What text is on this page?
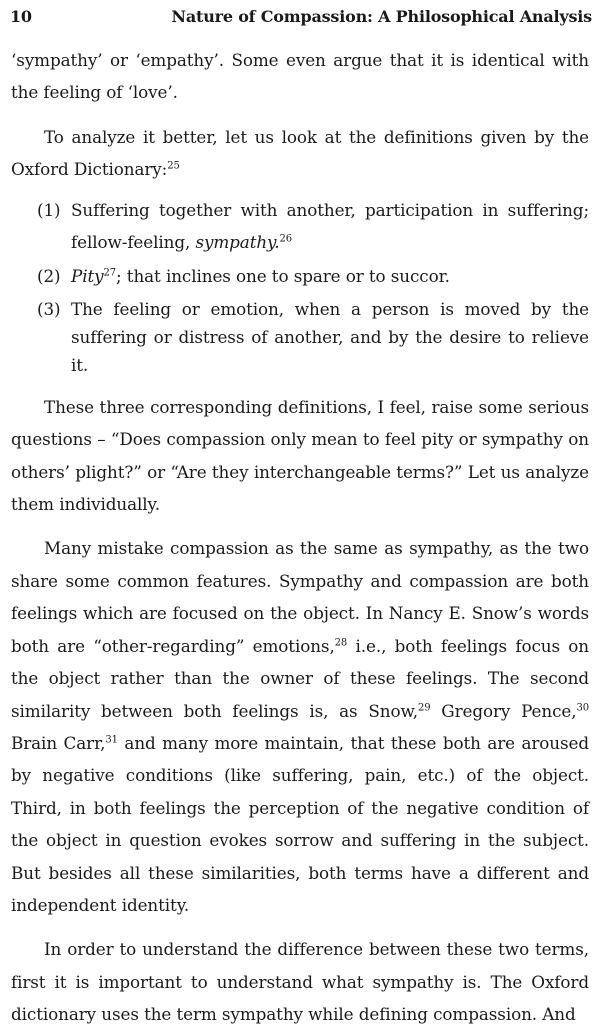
10	Nature of Compassion: A Philosophical Analysis

‘sympathy’ or ‘empathy’. Some even argue that it is identical with the feeling of ‘love’.

To analyze it better, let us look at the definitions given by the Oxford Dictionary:$^{25}$

(1) Suffering together with another, participation in suffering; fellow-feeling, sympathy.$^{26}$
(2) Pity$^{27}$; that inclines one to spare or to succor.
(3) The feeling or emotion, when a person is moved by the suffering or distress of another, and by the desire to relieve it.

These three corresponding definitions, I feel, raise some serious questions – “Does compassion only mean to feel pity or sympathy on others’ plight?” or “Are they interchangeable terms?” Let us analyze them individually.

Many mistake compassion as the same as sympathy, as the two share some common features. Sympathy and compassion are both feelings which are focused on the object. In Nancy E. Snow’s words both are “other-regarding” emotions,$^{28}$ i.e., both feelings focus on the object rather than the owner of these feelings. The second similarity between both feelings is, as Snow,$^{29}$ Gregory Pence,$^{30}$ Brain Carr,$^{31}$ and many more maintain, that these both are aroused by negative conditions (like suffering, pain, etc.) of the object. Third, in both feelings the perception of the negative condition of the object in question evokes sorrow and suffering in the subject. But besides all these similarities, both terms have a different and independent identity.

In order to understand the difference between these two terms, first it is important to understand what sympathy is. The Oxford dictionary uses the term sympathy while defining compassion. And
